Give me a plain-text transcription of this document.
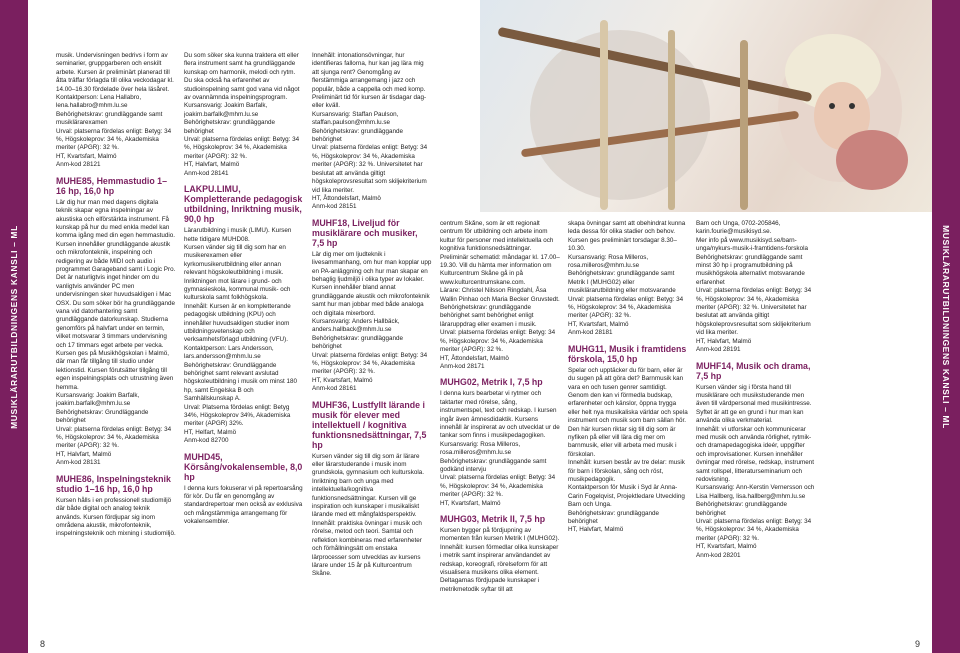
MUSIKLÄRARUTBILDNINGENS KANSLI – ML	MUSIKLÄRARUTBILDNINGENS KANSLI – ML

musik. Undervisningen bedrivs i form av seminarier, gruppgarberen och enskilt arbete. Kursen är preliminärt planerad till åtta träffar förlagda till olika veckodagar kl. 14.00–16.30 fördelade över hela läsåret.

Kontaktperson: Lena Hallabro, lena.hallabro@mhm.lu.se

Behörighetskrav: grundläggande samt musiklärarexamen

Urval: platserna fördelas enligt: Betyg: 34 %, Högskoleprov: 34 %, Akademiska meriter (APGR): 32 %.

HT, Kvartsfart, Malmö

Anm-kod 28121

MUHE85, Hemmastudio 1–16 hp, 16,0 hp

Lär dig hur man med dagens digitala teknik skapar egna inspelningar av akustiska och elförstärkta instrument. Få kunskap på hur du med enkla medel kan komma igång med din egen hemmastudio. Kursen innehåller grundläggande akustik och mikrofonteknik, inspelning och redigering av både MIDI och audio i programmet Garageband samt i Logic Pro.

Det är naturligtvis inget hinder om du vanligtvis använder PC men undervisningen sker huvudsakligen i Mac OSX. Du som söker bör ha grundläggande vana vid datorhantering samt grundläggande datorkunskap. Studierna genomförs på halvfart under en termin, vilket motsvarar 3 timmars undervisning och 17 timmars eget arbete per vecka. Kursen ges på Musikhögskolan i Malmö, där man får tillgång till studio under lektionstid. Kursen förutsätter tillgång till egen inspelningsplats och utrustning även hemma.

Kursansvarig: Joakim Barfalk, joakim.barfalk@mhm.lu.se

Behörighetskrav: Grundläggande behörighet

Urval: platserna fördelas enligt: Betyg: 34 %, Högskoleprov: 34 %, Akademiska meriter (APGR): 32 %.

HT, Halvfart, Malmö

Anm-kod 28131

MUHE86, Inspelningsteknik studio 1–16 hp, 16,0 hp

Kursen hålls i en professionell studiomiljö där både digital och analog teknik används. Kursen fördjupar sig inom områdena akustik, mikrofonteknik, inspelningsteknik och mixning i studiomiljö.

Du som söker ska kunna traktera ett eller flera instrument samt ha grundläggande kunskap om harmonik, melodi och rytm. Du ska också ha erfarenhet av studioinspelning samt god vana vid något av ovannämnda inspelningsprogram.

Kursansvarig: Joakim Barfalk, joakim.barfalk@mhm.lu.se

Behörighetskrav: grundläggande behörighet

Urval: platserna fördelas enligt: Betyg: 34 %, Högskoleprov: 34 %, Akademiska meriter (APGR): 32 %.

HT, Halvfart, Malmö

Anm-kod 28141

LAKPU.LIMU, Kompletterande pedagogisk utbildning, Inriktning musik, 90,0 hp

Lärarutbildning i musik (LIMU). Kursen hette tidigare MUHD08.

Kursen vänder sig till dig som har en musikerexamen eller kyrkomusikerutbildning eller annan relevant högskoleutbildning i musik. Inriktningen mot lärare i grund- och gymnasieskola, kommunal musik- och kulturskola samt folkhögskola.

Innehåll: Kursen är en kompletterande pedagogisk utbildning (KPU) och innehåller huvudsakligen studier inom utbildningsvetenskap och verksamhetsförlagd utbildning (VFU).

Kontaktperson: Lars Andersson, lars.andersson@mhm.lu.se

Behörighetskrav: Grundläggande behörighet samt relevant avslutad högskoleutbildning i musik om minst 180 hp, samt Engelska B och Samhällskunskap A.

Urval: Platserna fördelas enligt: Betyg 34%, Högskoleprov 34%, Akademiska meriter (APGR) 32%.

HT, Helfart, Malmö

Anm-kod 82700

MUHD45, Körsång/vokalensemble, 8,0 hp

I denna kurs fokuserar vi på repertoarsång för kör. Du får en genomgång av standardrepertoar men också av exklusiva och mångstämmiga arrangemang för vokalensembler.

Innehåll: intonationsövningar, hur identifieras fallorna, hur kan jag lära mig att sjunga rent? Genomgång av flerstämmiga arrangemang i jazz och populär, både a cappella och med komp. Preliminärt tid för kursen är tisdagar dag- eller kväll.

Kursansvarig: Staffan Paulson, staffan.paulson@mhm.lu.se

Behörighetskrav: grundläggande behörighet

Urval: platserna fördelas enligt: Betyg: 34 %, Högskoleprov: 34 %, Akademiska meriter (APGR): 32 %. Universitetet har beslutat att använda giltigt högskoleprovsresultat som skiljekriterium vid lika meriter.

HT, Åttondelsfart, Malmö

Anm-kod 28151

MUHF18, Liveljud för musiklärare och musiker, 7,5 hp

Lär dig mer om ljudteknik i livesammanhang, om hur man kopplar upp en PA-anläggning och hur man skapar en behaglig ljudmiljö i olika typer av lokaler. Kursen innehåller bland annat grundläggande akustik och mikrofonteknik samt hur man jobbar med både analoga och digitala mixerbord.

Kursansvarig: Anders Hallbäck, anders.hallback@mhm.lu.se

Behörighetskrav: grundläggande behörighet

Urval: platserna fördelas enligt: Betyg: 34 %, Högskoleprov: 34 %, Akademiska meriter (APGR): 32 %.

HT, Kvartsfart, Malmö

Anm-kod 28161

MUHF36, Lustfyllt lärande i musik för elever med intellektuell / kognitiva funktionsnedsättningar, 7,5 hp

Kursen vänder sig till dig som är lärare eller lärarstuderande i musik inom grundskola, gymnasium och kulturskola. Inriktning barn och unga med intellektuella/kognitiva funktionsnedsättningar. Kursen vill ge inspiration och kunskaper i musikaliskt lärande med ett mångfaldsperspektiv.

Innehåll: praktiska övningar i musik och rörelse, metod och teori. Samtal och reflektion kombineras med erfarenheter och förhållningsätt om enstaka lärprocesser som utvecklas av kursens lärare under 15 år på Kulturcentrum Skåne.

centrum Skåne, som är ett regionalt centrum för utbildning och arbete inom kultur för personer med intellektuella och kognitiva funktionsnedsättningar. Preliminär schematid: måndagar kl. 17.00–19.30. Vill du hämta mer information om Kulturcentrum Skåne gå in på www.kulturcentrumskane.com.

Lärare: Christel Nilsson Ringdahl, Åsa Wallin Pinhao och Maria Becker Gruvstedt.

Behörighetskrav: grundläggande behörighet samt behörighet enligt läraruppdrag eller examen i musik.

Urval: platserna fördelas enligt: Betyg: 34 %, Högskoleprov: 34 %, Akademiska meriter (APGR): 32 %.

HT, Åttondelsfart, Malmö

Anm-kod 28171

MUHG02, Metrik I, 7,5 hp

I denna kurs bearbetar vi rytmer och taktarter med rörelse, sång, instrumentspel, text och redskap. I kursen ingår även ämnesdidaktik. Kursens innehåll är inspirerat av och utvecklat ur de tankar som finns i musikpedagogiken.

Kursansvarig: Rosa Milleros, rosa.milleros@mhm.lu.se

Behörighetskrav: grundläggande samt godkänd intervju

Urval: platserna fördelas enligt: Betyg: 34 %, Högskoleprov: 34 %, Akademiska meriter (APGR): 32 %.

HT, Kvartsfart, Malmö

MUHG03, Metrik II, 7,5 hp

Kursen bygger på fördjupning av momenten från kursen Metrik I (MUHG02). Innehåll: kursen förmedlar olika kunskaper i metrik samt inspirerar användandet av redskap, koreografi, rörelseform för att visualisera musikens olika element. Deltagarnas fördjupade kunskaper i metrikmetodik syftar till att

skapa övningar samt att obehindrat kunna leda dessa för olika stadier och behov. Kursen ges preliminärt torsdagar 8.30–10.30.

Kursansvarig: Rosa Milleros, rosa.milleros@mhm.lu.se

Behörighetskrav: grundläggande samt Metrik I (MUHG02) eller musiklärarutbildning eller motsvarande

Urval: platserna fördelas enligt: Betyg: 34 %, Högskoleprov: 34 %, Akademiska meriter (APGR): 32 %.

HT, Kvartsfart, Malmö

Anm-kod 28181

MUHG11, Musik i framtidens förskola, 15,0 hp

Spelar och upptäcker du för barn, eller är du sugen på att göra det? Barnmusik kan vara en och tusen genrer samtidigt. Genom den kan vi förmedla budskap, erfarenheter och känslor, öppna trygga eller helt nya musikaliska världar och spela instrument och musik som barn sällan hör. Den här kursen riktar sig till dig som är nyfiken på eller vill lära dig mer om barnmusik, eller vill arbeta med musik i förskolan.

Innehåll: kursen består av tre delar: musik för barn i förskolan, sång och röst, musikpedagogik.

Kontaktperson för Musik i Syd är Anna-Carin Fogelqvist, Projektledare Utveckling Barn och Unga.

Behörighetskrav: grundläggande behörighet

HT, Halvfart, Malmö

Barn och Unga, 0702-205846, karin.fourie@musikisyd.se.

Mer info på www.musikisyd.se/barn-unga/nykurs-musik-i-framtidens-forskola

Behörighetskrav: grundläggande samt minst 30 hp i programutbildning på musikhögskola alternativt motsvarande erfarenhet

Urval: platserna fördelas enligt: Betyg: 34 %, Högskoleprov: 34 %, Akademiska meriter (APGR): 32 %. Universitetet har beslutat att använda giltigt högskoleprovsresultat som skiljekriterium vid lika meriter.

HT, Halvfart, Malmö

Anm-kod 28191

MUHF14, Musik och drama, 7,5 hp

Kursen vänder sig i första hand till musiklärare och musikstuderande men även till värdpersonal med musikintresse. Syftet är att ge en grund i hur man kan använda olika verkmaterial.

Innehåll: vi utforskar och kommunicerar med musik och använda rörlighet, rytmik- och dramapedagogiska ideér, uppgifter och improvisationer. Kursen innehåller övningar med rörelse, redskap, instrument samt rollspel, litteraturseminarium och redovisning.

Kursansvarig: Ann-Kerstin Vernersson och Lisa Hallberg, lisa.hallberg@mhm.lu.se

Behörighetskrav: grundläggande behörighet

Urval: platserna fördelas enligt: Betyg: 34 %, Högskoleprov: 34 %, Akademiska meriter (APGR): 32 %.

HT, Kvartsfart, Malmö

Anm-kod 28201

8	9
